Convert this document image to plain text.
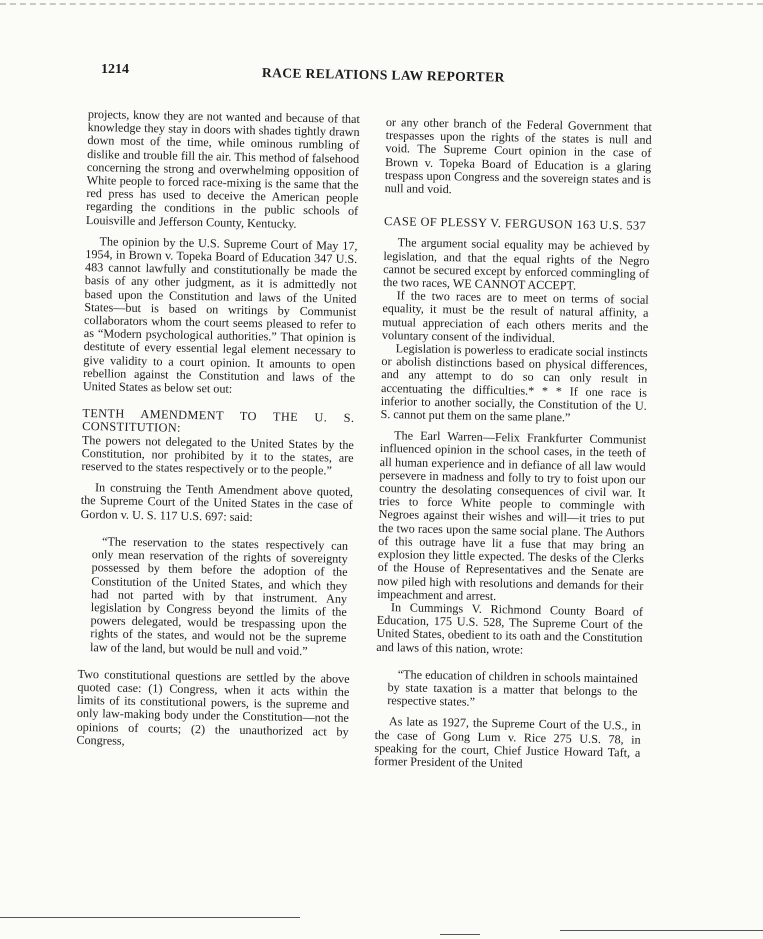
1214	RACE RELATIONS LAW REPORTER

projects, know they are not wanted and because of that knowledge they stay in doors with shades tightly drawn down most of the time, while ominous rumbling of dislike and trouble fill the air. This method of falsehood concerning the strong and overwhelming opposition of White people to forced race-mixing is the same that the red press has used to deceive the American people regarding the conditions in the public schools of Louisville and Jefferson County, Kentucky.

The opinion by the U.S. Supreme Court of May 17, 1954, in Brown v. Topeka Board of Education 347 U.S. 483 cannot lawfully and constitutionally be made the basis of any other judgment, as it is admittedly not based upon the Constitution and laws of the United States—but is based on writings by Communist collaborators whom the court seems pleased to refer to as “Modern psychological authorities.” That opinion is destitute of every essential legal element necessary to give validity to a court opinion. It amounts to open rebellion against the Constitution and laws of the United States as below set out:

TENTH AMENDMENT TO THE U. S. CONSTITUTION:

The powers not delegated to the United States by the Constitution, nor prohibited by it to the states, are reserved to the states respectively or to the people.”

In construing the Tenth Amendment above quoted, the Supreme Court of the United States in the case of Gordon v. U. S. 117 U.S. 697: said:

“The reservation to the states respectively can only mean reservation of the rights of sovereignty possessed by them before the adoption of the Constitution of the United States, and which they had not parted with by that instrument. Any legislation by Congress beyond the limits of the powers delegated, would be trespassing upon the rights of the states, and would not be the supreme law of the land, but would be null and void.”

Two constitutional questions are settled by the above quoted case: (1) Congress, when it acts within the limits of its constitutional powers, is the supreme and only law-making body under the Constitution—not the opinions of courts; (2) the unauthorized act by Congress,

or any other branch of the Federal Government that trespasses upon the rights of the states is null and void. The Supreme Court opinion in the case of Brown v. Topeka Board of Education is a glaring trespass upon Congress and the sovereign states and is null and void.

CASE OF PLESSY V. FERGUSON 163 U.S. 537

The argument social equality may be achieved by legislation, and that the equal rights of the Negro cannot be secured except by enforced commingling of the two races, WE CANNOT ACCEPT.

If the two races are to meet on terms of social equality, it must be the result of natural affinity, a mutual appreciation of each others merits and the voluntary consent of the individual.

Legislation is powerless to eradicate social instincts or abolish distinctions based on physical differences, and any attempt to do so can only result in accentuating the difficulties.* * * If one race is inferior to another socially, the Constitution of the U. S. cannot put them on the same plane.”

The Earl Warren—Felix Frankfurter Communist influenced opinion in the school cases, in the teeth of all human experience and in defiance of all law would persevere in madness and folly to try to foist upon our country the desolating consequences of civil war. It tries to force White people to commingle with Negroes against their wishes and will—it tries to put the two races upon the same social plane. The Authors of this outrage have lit a fuse that may bring an explosion they little expected. The desks of the Clerks of the House of Representatives and the Senate are now piled high with resolutions and demands for their impeachment and arrest.

In Cummings V. Richmond County Board of Education, 175 U.S. 528, The Supreme Court of the United States, obedient to its oath and the Constitution and laws of this nation, wrote:

“The education of children in schools maintained by state taxation is a matter that belongs to the respective states.”

As late as 1927, the Supreme Court of the U.S., in the case of Gong Lum v. Rice 275 U.S. 78, in speaking for the court, Chief Justice Howard Taft, a former President of the United
